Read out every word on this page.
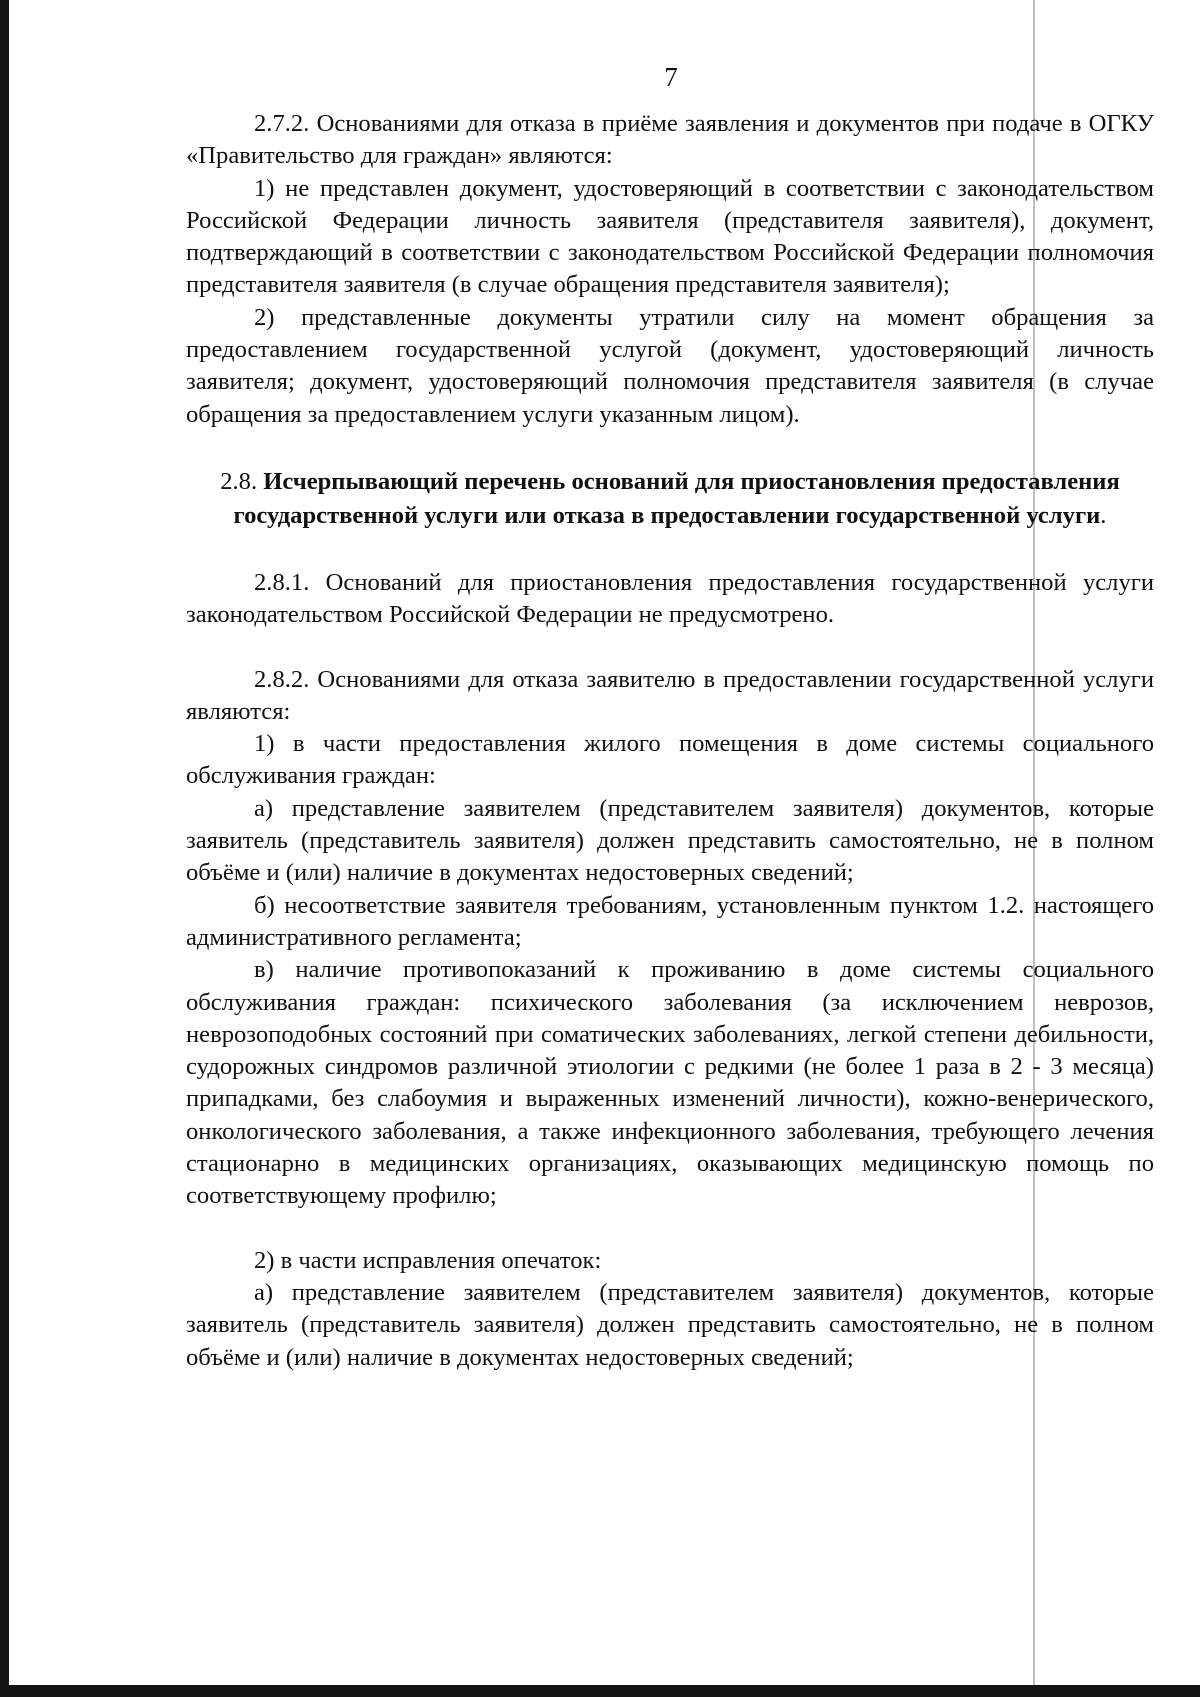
7

2.7.2. Основаниями для отказа в приёме заявления и документов при подаче в ОГКУ «Правительство для граждан» являются:

1) не представлен документ, удостоверяющий в соответствии с законодательством Российской Федерации личность заявителя (представителя заявителя), документ, подтверждающий в соответствии с законодательством Российской Федерации полномочия представителя заявителя (в случае обращения представителя заявителя);

2) представленные документы утратили силу на момент обращения за предоставлением государственной услугой (документ, удостоверяющий личность заявителя; документ, удостоверяющий полномочия представителя заявителя (в случае обращения за предоставлением услуги указанным лицом).

2.8. Исчерпывающий перечень оснований для приостановления предоставления государственной услуги или отказа в предоставлении государственной услуги.

2.8.1. Оснований для приостановления предоставления государственной услуги законодательством Российской Федерации не предусмотрено.

2.8.2. Основаниями для отказа заявителю в предоставлении государственной услуги являются:

1) в части предоставления жилого помещения в доме системы социального обслуживания граждан:

а) представление заявителем (представителем заявителя) документов, которые заявитель (представитель заявителя) должен представить самостоятельно, не в полном объёме и (или) наличие в документах недостоверных сведений;

б) несоответствие заявителя требованиям, установленным пунктом 1.2. настоящего административного регламента;

в) наличие противопоказаний к проживанию в доме системы социального обслуживания граждан: психического заболевания (за исключением неврозов, неврозоподобных состояний при соматических заболеваниях, легкой степени дебильности, судорожных синдромов различной этиологии с редкими (не более 1 раза в 2 - 3 месяца) припадками, без слабоумия и выраженных изменений личности), кожно-венерического, онкологического заболевания, а также инфекционного заболевания, требующего лечения стационарно в медицинских организациях, оказывающих медицинскую помощь по соответствующему профилю;

2) в части исправления опечаток:

а) представление заявителем (представителем заявителя) документов, которые заявитель (представитель заявителя) должен представить самостоятельно, не в полном объёме и (или) наличие в документах недостоверных сведений;
